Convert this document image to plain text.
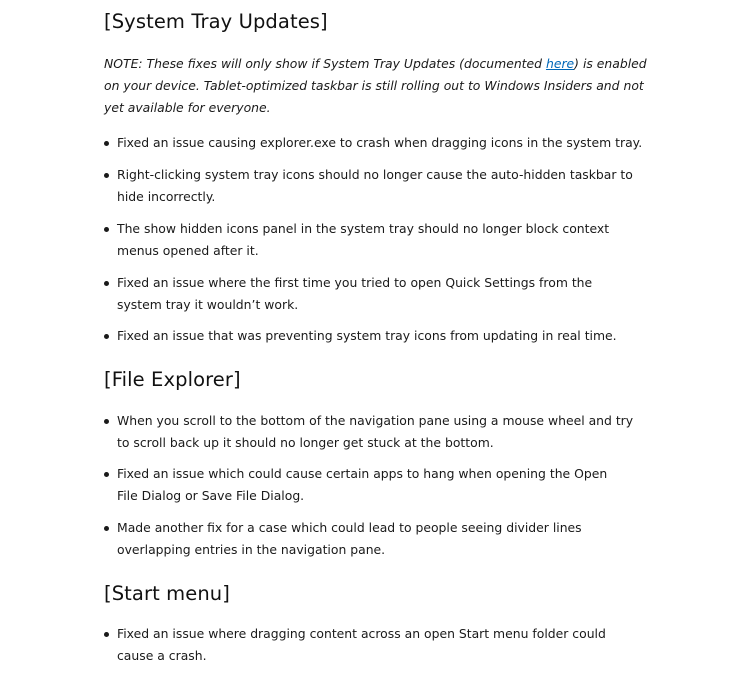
[System Tray Updates]

NOTE: These fixes will only show if System Tray Updates (documented here) is enabled on your device. Tablet-optimized taskbar is still rolling out to Windows Insiders and not yet available for everyone.

Fixed an issue causing explorer.exe to crash when dragging icons in the system tray.
Right-clicking system tray icons should no longer cause the auto-hidden taskbar to hide incorrectly.
The show hidden icons panel in the system tray should no longer block context menus opened after it.
Fixed an issue where the first time you tried to open Quick Settings from the system tray it wouldn’t work.
Fixed an issue that was preventing system tray icons from updating in real time.
[File Explorer]
When you scroll to the bottom of the navigation pane using a mouse wheel and try to scroll back up it should no longer get stuck at the bottom.
Fixed an issue which could cause certain apps to hang when opening the Open File Dialog or Save File Dialog.
Made another fix for a case which could lead to people seeing divider lines overlapping entries in the navigation pane.
[Start menu]
Fixed an issue where dragging content across an open Start menu folder could cause a crash.
